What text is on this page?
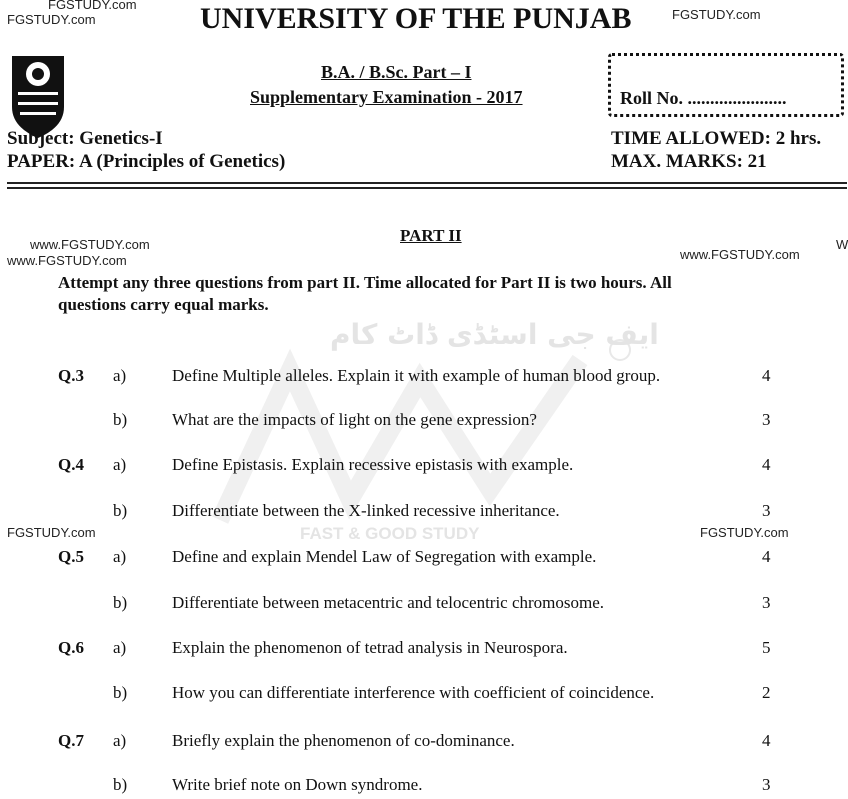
ایف جی اسٹڈی ڈاٹ کام
FAST & GOOD STUDY
FGSTUDY.com
FGSTUDY.com	FGSTUDY.com
UNIVERSITY OF THE PUNJAB
B.A. / B.Sc. Part – I
Supplementary Examination - 2017	Roll No. ......................
Subject: Genetics-I
PAPER: A (Principles of Genetics)
TIME ALLOWED: 2 hrs.
MAX. MARKS: 21
PART II
www.FGSTUDY.com
www.FGSTUDY.com	www.FGSTUDY.com
W
Attempt any three questions from part II. Time allocated for Part II is two hours. All
questions carry equal marks.
FGSTUDY.com	FGSTUDY.com
Q.3 a)	Define Multiple alleles. Explain it with example of human blood group.	4
b)	What are the impacts of light on the gene expression?	3
Q.4 a)	Define Epistasis. Explain recessive epistasis with example.	4
b)	Differentiate between the X-linked recessive inheritance.	3
Q.5 a)	Define and explain Mendel Law of Segregation with example.	4
b)	Differentiate between metacentric and telocentric chromosome.	3
Q.6 a)	Explain the phenomenon of tetrad analysis in Neurospora.	5
b)	How you can differentiate interference with coefficient of coincidence.	2
Q.7 a)	Briefly explain the phenomenon of co-dominance.	4
b)	Write brief note on Down syndrome.	3
